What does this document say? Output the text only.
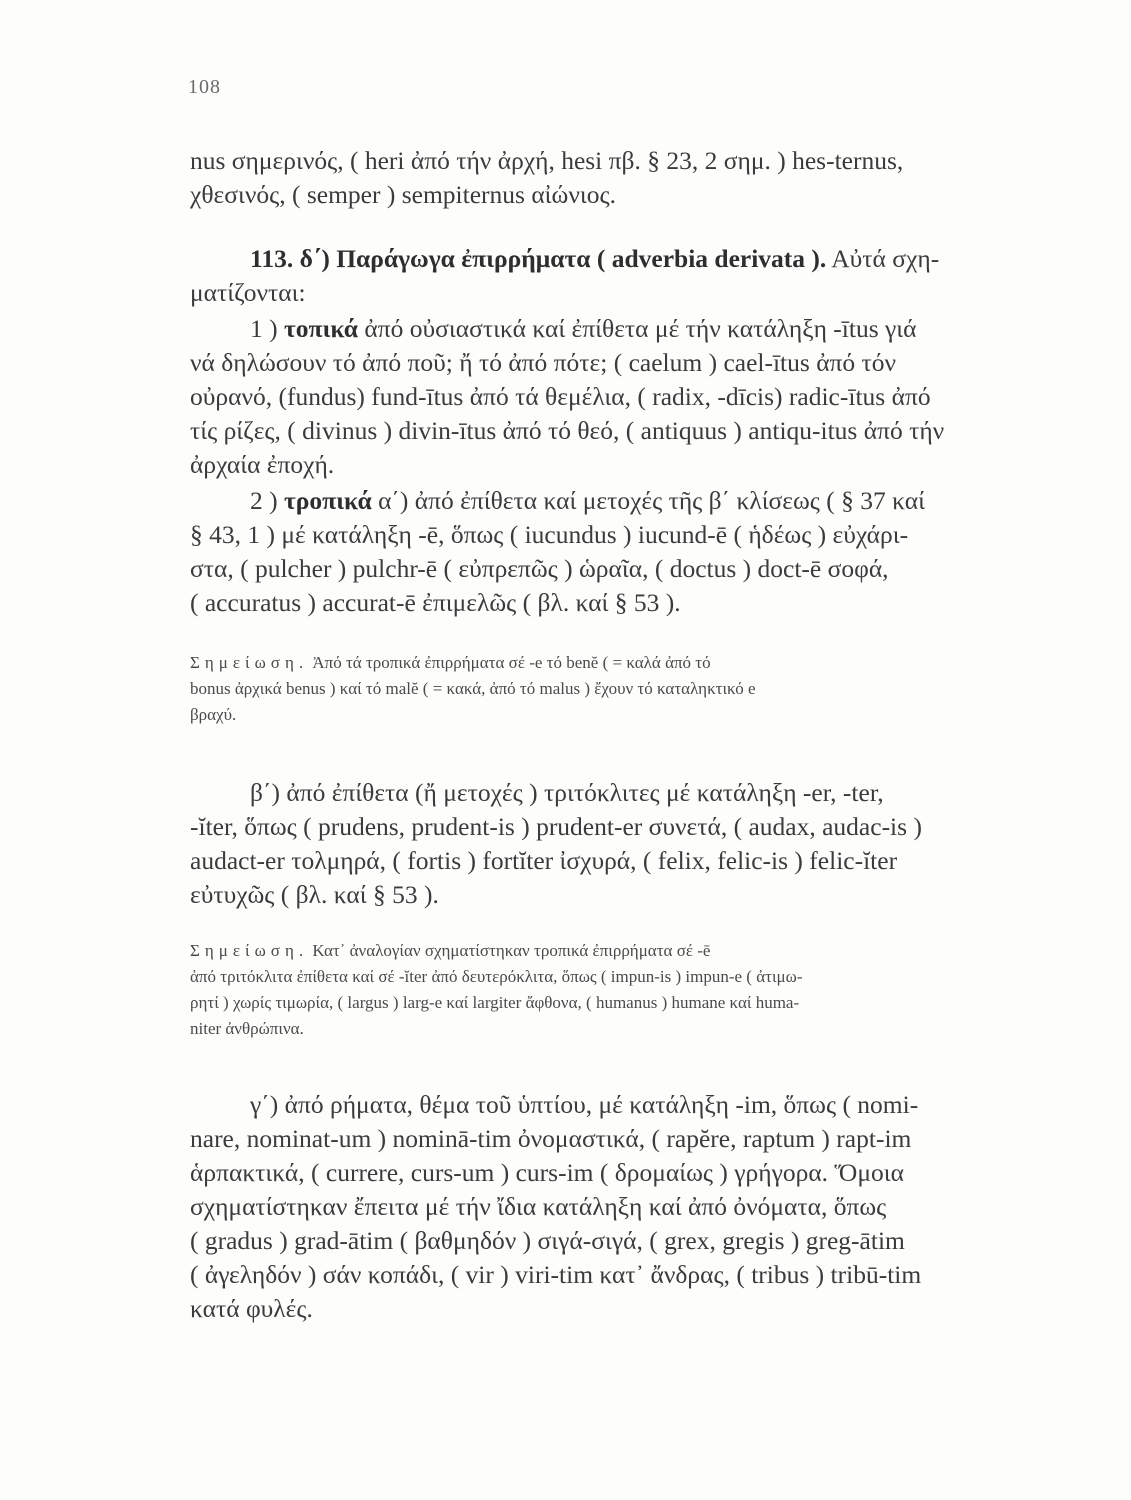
108
nus σημερινός, ( heri ἀπό τήν ἀρχή, hesi πβ. § 23, 2 σημ. ) hes-ternus,
χθεσινός, ( semper ) sempiternus αἰώνιος.
113. δ΄) Παράγωγα ἐπιρρήματα ( adverbia derivata ). Αὐτά σχη-
ματίζονται:
1 ) τοπικά ἀπό οὐσιαστικά καί ἐπίθετα μέ τήν κατάληξη -ītus γιά
νά δηλώσουν τό ἀπό ποῦ; ἤ τό ἀπό πότε; ( caelum ) cael-ītus ἀπό τόν
οὐρανό, (fundus) fund-ītus ἀπό τά θεμέλια, ( radix, -dīcis) radic-ītus ἀπό
τίς ρίζες, ( divinus ) divin-ītus ἀπό τό θεό, ( antiquus ) antiqu-itus ἀπό τήν
ἀρχαία ἐποχή.
2 ) τροπικά α΄) ἀπό ἐπίθετα καί μετοχές τῆς β΄ κλίσεως ( § 37 καί
§ 43, 1 ) μέ κατάληξη -ē, ὅπως ( iucundus ) iucund-ē ( ἡδέως ) εὐχάρι-
στα, ( pulcher ) pulchr-ē ( εὐπρεπῶς ) ὡραῖα, ( doctus ) doct-ē σοφά,
( accuratus ) accurat-ē ἐπιμελῶς ( βλ. καί § 53 ).
Σημείωση. Ἀπό τά τροπικά ἐπιρρήματα σέ -e τό benĕ ( = καλά ἀπό τό
bonus ἀρχικά benus ) καί τό malĕ ( = κακά, ἀπό τό malus ) ἔχουν τό καταληκτικό e
βραχύ.
β΄) ἀπό ἐπίθετα (ἤ μετοχές ) τριτόκλιτες μέ κατάληξη -er, -ter,
-ĭter, ὅπως ( prudens, prudent-is ) prudent-er συνετά, ( audax, audac-is )
audact-er τολμηρά, ( fortis ) fortĭter ἰσχυρά, ( felix, felic-is ) felic-ĭter
εὐτυχῶς ( βλ. καί § 53 ).
Σημείωση. Κατ᾽ ἀναλογίαν σχηματίστηκαν τροπικά ἐπιρρήματα σέ -ē
ἀπό τριτόκλιτα ἐπίθετα καί σέ -ĭter ἀπό δευτερόκλιτα, ὅπως ( impun-is ) impun-e ( ἀτιμω-
ρητί ) χωρίς τιμωρία, ( largus ) larg-e καί largiter ἄφθονα, ( humanus ) humane καί huma-
niter ἀνθρώπινα.
γ΄) ἀπό ρήματα, θέμα τοῦ ὑπτίου, μέ κατάληξη -im, ὅπως ( nomi-
nare, nominat-um ) nominā-tim ὀνομαστικά, ( rapĕre, raptum ) rapt-im
ἁρπακτικά, ( currere, curs-um ) curs-im ( δρομαίως ) γρήγορα. Ὅμοια
σχηματίστηκαν ἔπειτα μέ τήν ἴδια κατάληξη καί ἀπό ὀνόματα, ὅπως
( gradus ) grad-ātim ( βαθμηδόν ) σιγά-σιγά, ( grex, gregis ) greg-ātim
( ἀγεληδόν ) σάν κοπάδι, ( vir ) viri-tim κατ᾽ ἄνδρας, ( tribus ) tribū-tim
κατά φυλές.
